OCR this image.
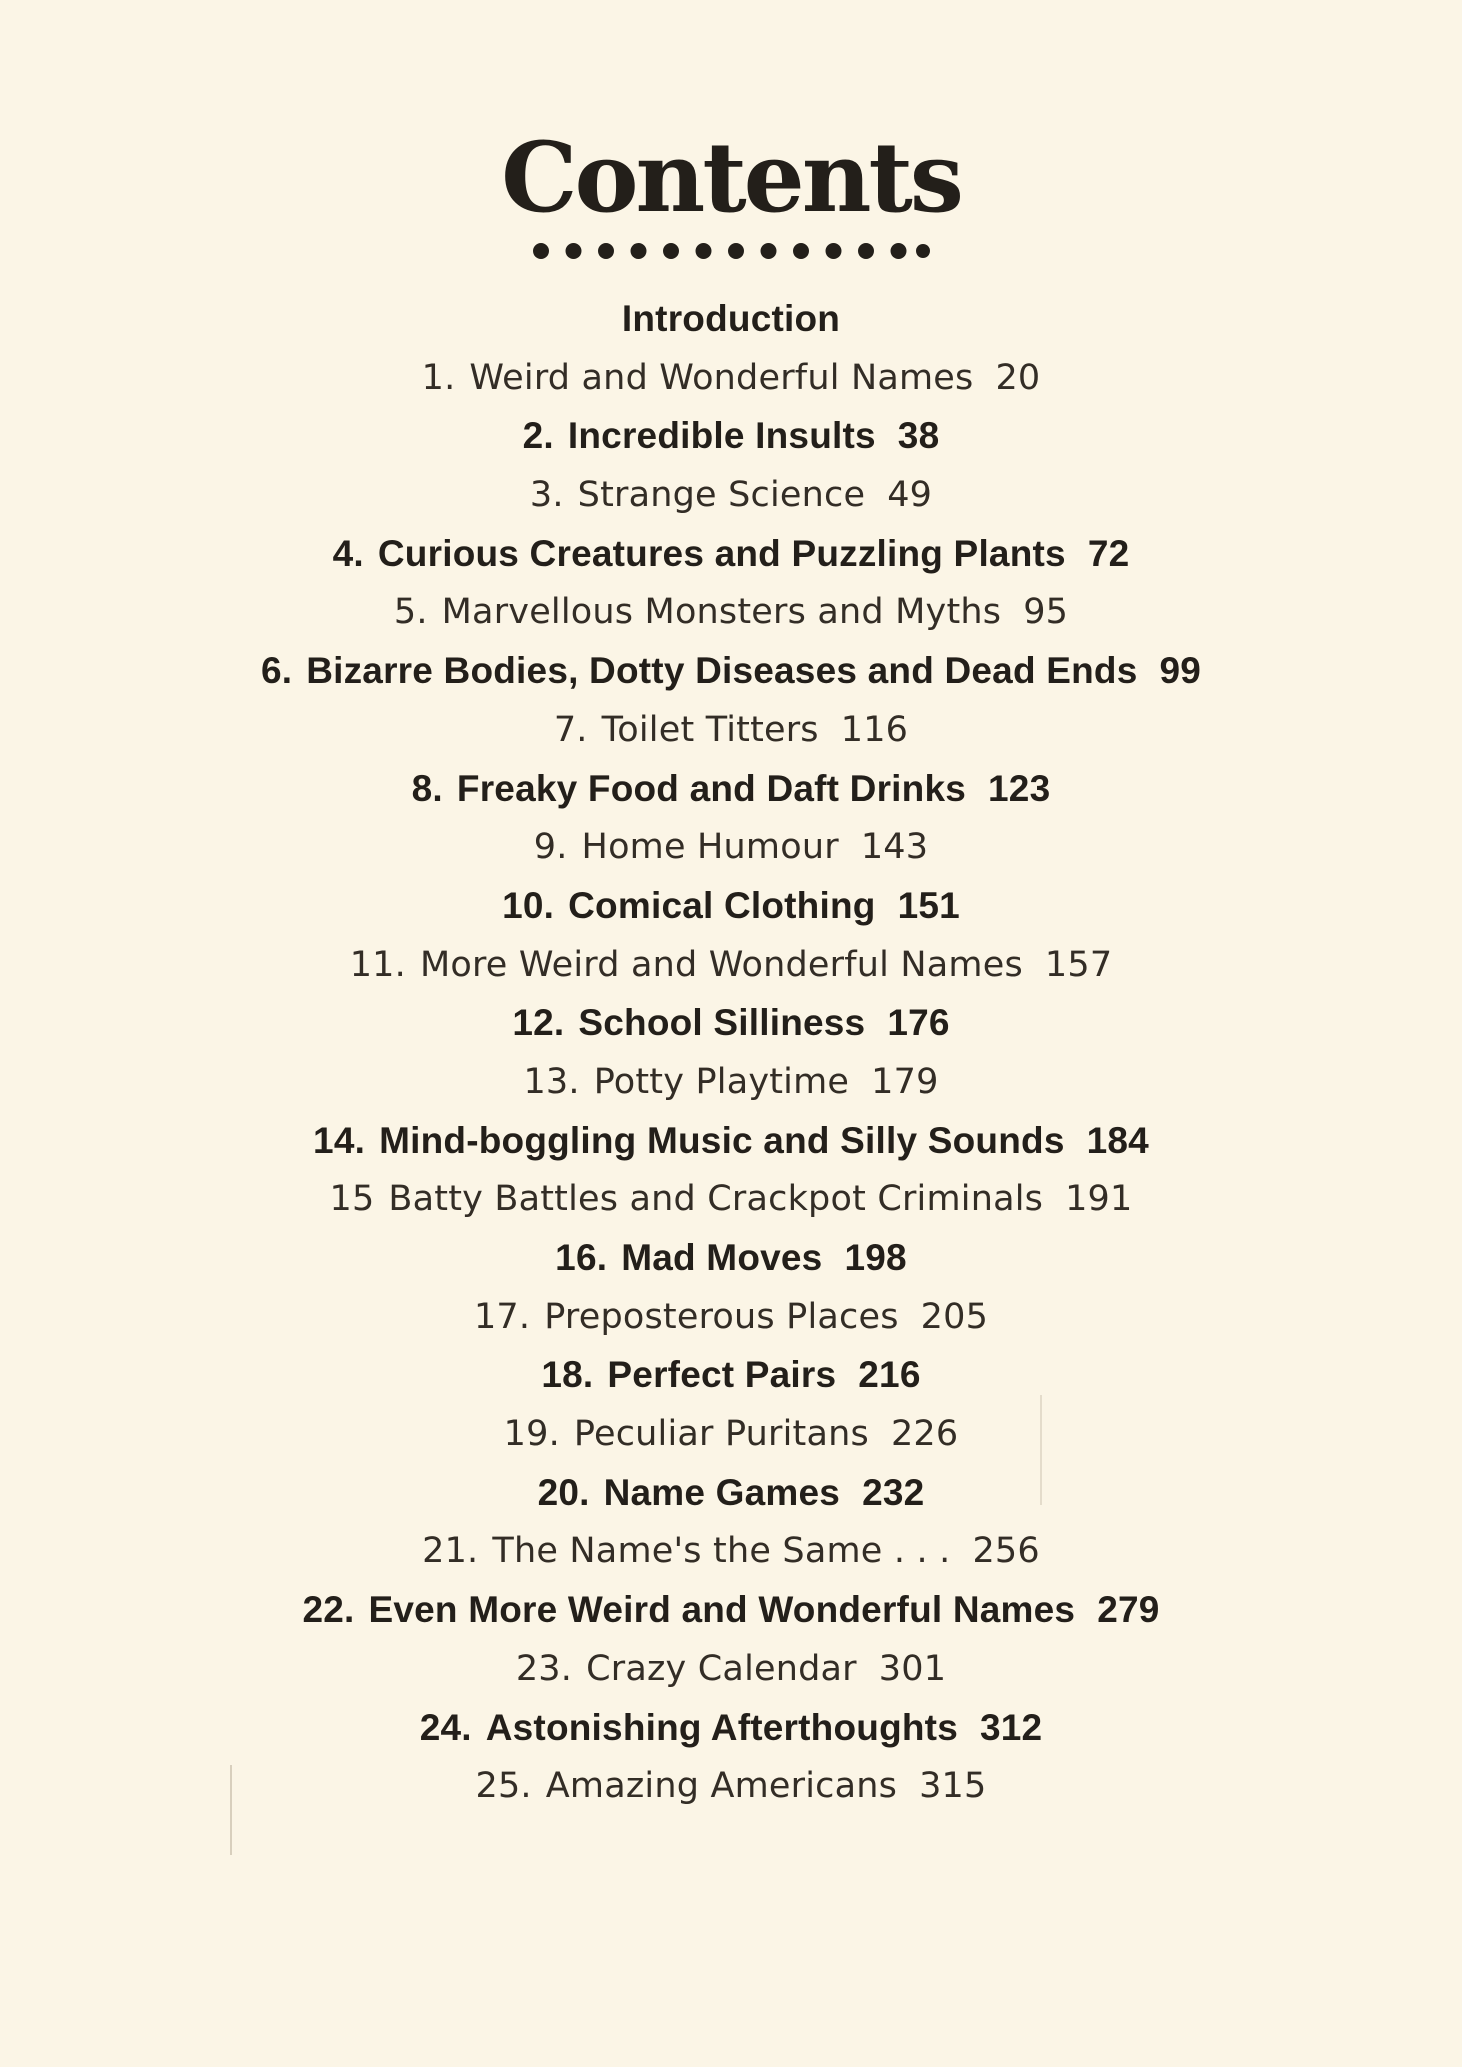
Contents
Introduction
1. Weird and Wonderful Names 20
2. Incredible Insults 38
3. Strange Science 49
4. Curious Creatures and Puzzling Plants 72
5. Marvellous Monsters and Myths 95
6. Bizarre Bodies, Dotty Diseases and Dead Ends 99
7. Toilet Titters 116
8. Freaky Food and Daft Drinks 123
9. Home Humour 143
10. Comical Clothing 151
11. More Weird and Wonderful Names 157
12. School Silliness 176
13. Potty Playtime 179
14. Mind-boggling Music and Silly Sounds 184
15 Batty Battles and Crackpot Criminals 191
16. Mad Moves 198
17. Preposterous Places 205
18. Perfect Pairs 216
19. Peculiar Puritans 226
20. Name Games 232
21. The Name's the Same . . . 256
22. Even More Weird and Wonderful Names 279
23. Crazy Calendar 301
24. Astonishing Afterthoughts 312
25. Amazing Americans 315
